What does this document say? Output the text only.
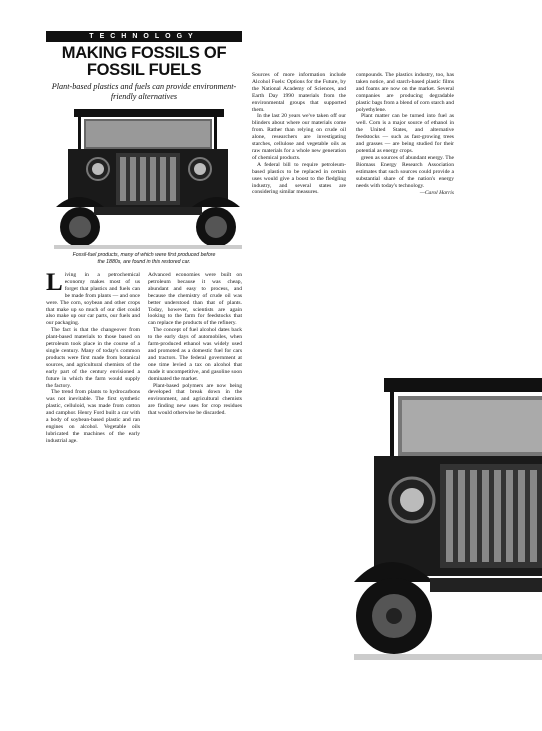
TECHNOLOGY
MAKING FOSSILS OF
FOSSIL FUELS
Plant-based plastics and fuels can provide environment-friendly alternatives
Fossil-fuel products, many of which were first produced before
the 1880s, are found in this restored car.

Living in a petrochemical economy makes most of us forget that plastics and fuels can be made from plants — and once were. The corn, soybean and other crops that make up so much of our diet could also make up our car parts, our fuels and our packaging.

The fact is that the changeover from plant-based materials to those based on petroleum took place in the course of a single century. Many of today's common products were first made from botanical sources, and agricultural chemists of the early part of the century envisioned a future in which the farm would supply the factory.

The trend from plants to hydrocarbons was not inevitable. The first synthetic plastic, celluloid, was made from cotton and camphor. Henry Ford built a car with a body of soybean-based plastic and ran engines on alcohol. Vegetable oils lubricated the machines of the early industrial age.

Advanced economies were built on petroleum because it was cheap, abundant and easy to process, and because the chemistry of crude oil was better understood than that of plants. Today, however, scientists are again looking to the farm for feedstocks that can replace the products of the refinery.

The concept of fuel alcohol dates back to the early days of automobiles, when farm-produced ethanol was widely used and promoted as a domestic fuel for cars and tractors. The federal government at one time levied a tax on alcohol that made it uncompetitive, and gasoline soon dominated the market.

Plant-based polymers are now being developed that break down in the environment, and agricultural chemists are finding new uses for crop residues that would otherwise be discarded.

Sources of more information include Alcohol Fuels: Options for the Future, by the National Academy of Sciences, and Earth Day 1990 materials from the environmental groups that supported them.

In the last 20 years we've taken off our blinders about where our materials come from. Rather than relying on crude oil alone, researchers are investigating starches, cellulose and vegetable oils as raw materials for a whole new generation of chemical products.

A federal bill to require petroleum-based plastics to be replaced in certain uses would give a boost to the fledgling industry, and several states are considering similar measures.

compounds. The plastics industry, too, has taken notice, and starch-based plastic films and foams are now on the market. Several companies are producing degradable plastic bags from a blend of corn starch and polyethylene.

Plant matter can be turned into fuel as well. Corn is a major source of ethanol in the United States, and alternative feedstocks — such as fast-growing trees and grasses — are being studied for their potential as energy crops.

green as sources of abundant energy. The Biomass Energy Research Association estimates that such sources could provide a substantial share of the nation's energy needs with today's technology.

—Carol Harris
